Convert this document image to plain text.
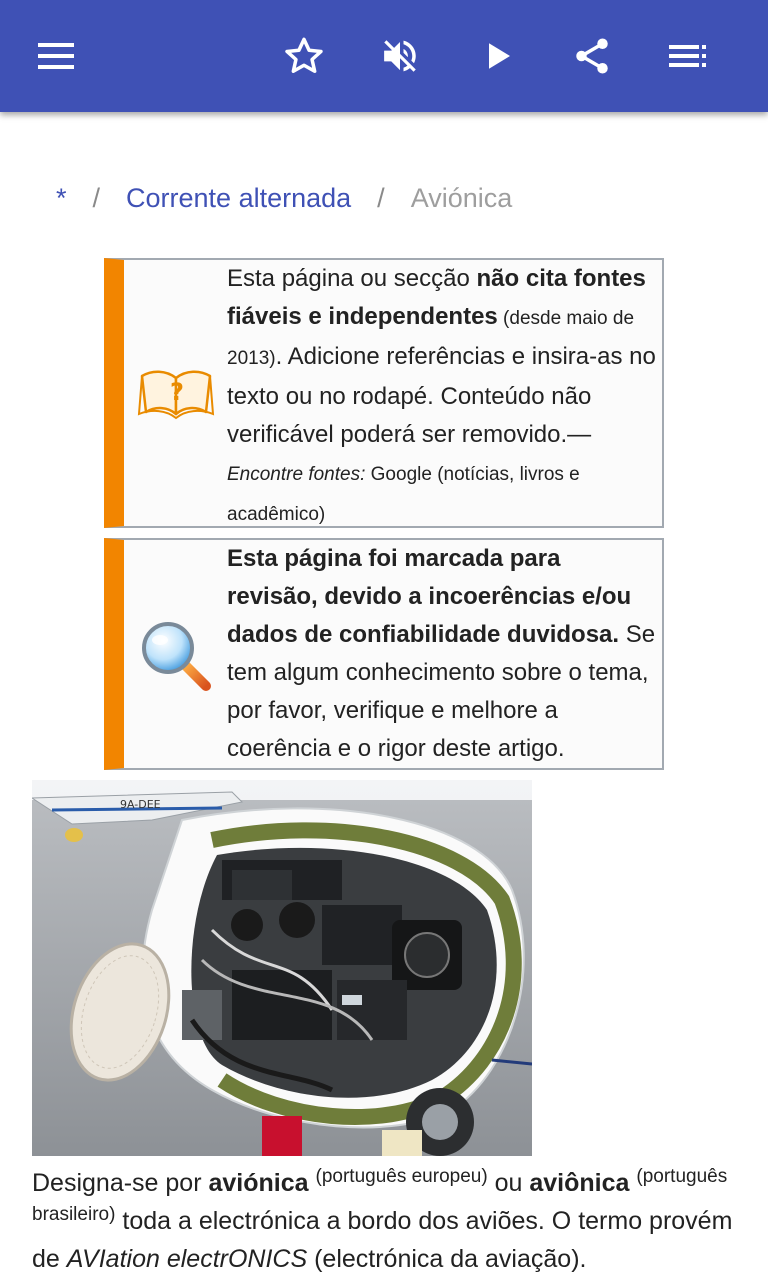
* / Corrente alternada / Aviónica
?
Esta página ou secção não cita fontes fiáveis e independentes (desde maio de 2013). Adicione referências e insira-as no texto ou no rodapé. Conteúdo não verificável poderá ser removido.—Encontre fontes: Google (notícias, livros e acadêmico)
Esta página foi marcada para revisão, devido a incoerências e/ou dados de confiabilidade duvidosa. Se tem algum conhecimento sobre o tema, por favor, verifique e melhore a coerência e o rigor deste artigo.
9A-DEE
Designa-se por aviónica $^{(português europeu)}$ ou aviônica $^{(português brasileiro)}$ toda a electrónica a bordo dos aviões. O termo provém de AVIation electrONICS (electrónica da aviação).
